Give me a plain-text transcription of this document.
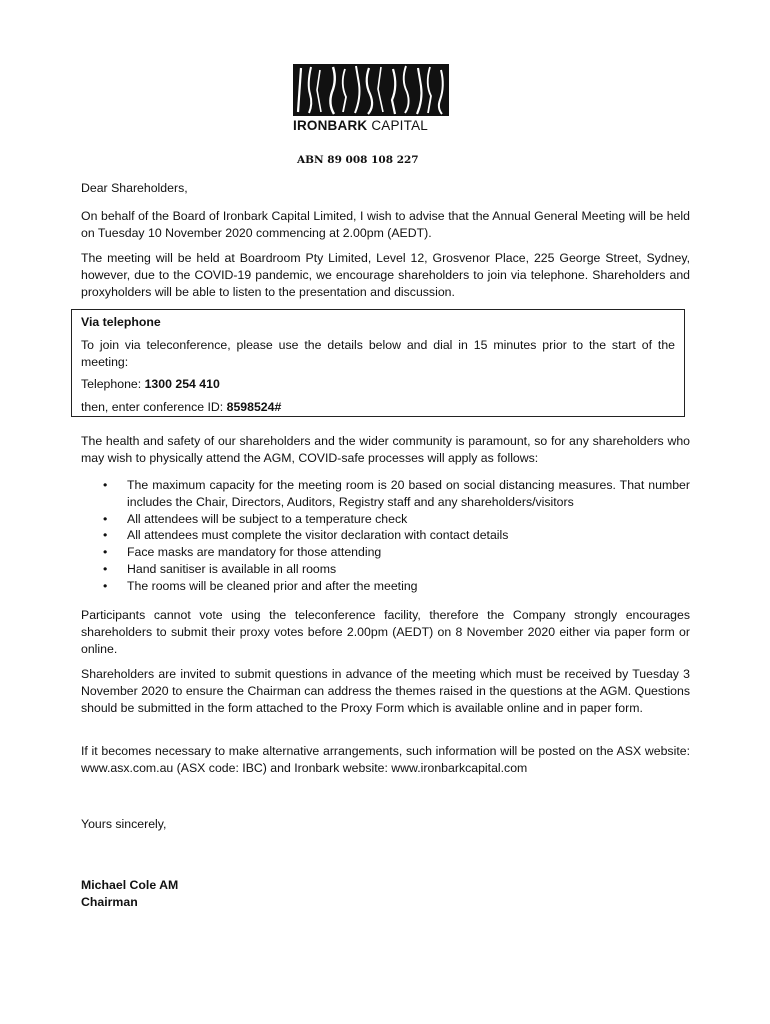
IRONBARK CAPITAL
ABN 89 008 108 227

Dear Shareholders,

On behalf of the Board of Ironbark Capital Limited, I wish to advise that the Annual General Meeting will be held on Tuesday 10 November 2020 commencing at 2.00pm (AEDT).

The meeting will be held at Boardroom Pty Limited, Level 12, Grosvenor Place, 225 George Street, Sydney, however, due to the COVID-19 pandemic, we encourage shareholders to join via telephone. Shareholders and proxyholders will be able to listen to the presentation and discussion.

Via telephone

To join via teleconference, please use the details below and dial in 15 minutes prior to the start of the meeting:

Telephone: 1300 254 410

then, enter conference ID: 8598524#

The health and safety of our shareholders and the wider community is paramount, so for any shareholders who may wish to physically attend the AGM, COVID-safe processes will apply as follows:

• The maximum capacity for the meeting room is 20 based on social distancing measures. That number includes the Chair, Directors, Auditors, Registry staff and any shareholders/visitors
• All attendees will be subject to a temperature check
• All attendees must complete the visitor declaration with contact details
• Face masks are mandatory for those attending
• Hand sanitiser is available in all rooms
• The rooms will be cleaned prior and after the meeting

Participants cannot vote using the teleconference facility, therefore the Company strongly encourages shareholders to submit their proxy votes before 2.00pm (AEDT) on 8 November 2020 either via paper form or online.

Shareholders are invited to submit questions in advance of the meeting which must be received by Tuesday 3 November 2020 to ensure the Chairman can address the themes raised in the questions at the AGM. Questions should be submitted in the form attached to the Proxy Form which is available online and in paper form.

If it becomes necessary to make alternative arrangements, such information will be posted on the ASX website: www.asx.com.au (ASX code: IBC) and Ironbark website: www.ironbarkcapital.com

Yours sincerely,

Michael Cole AM
Chairman
